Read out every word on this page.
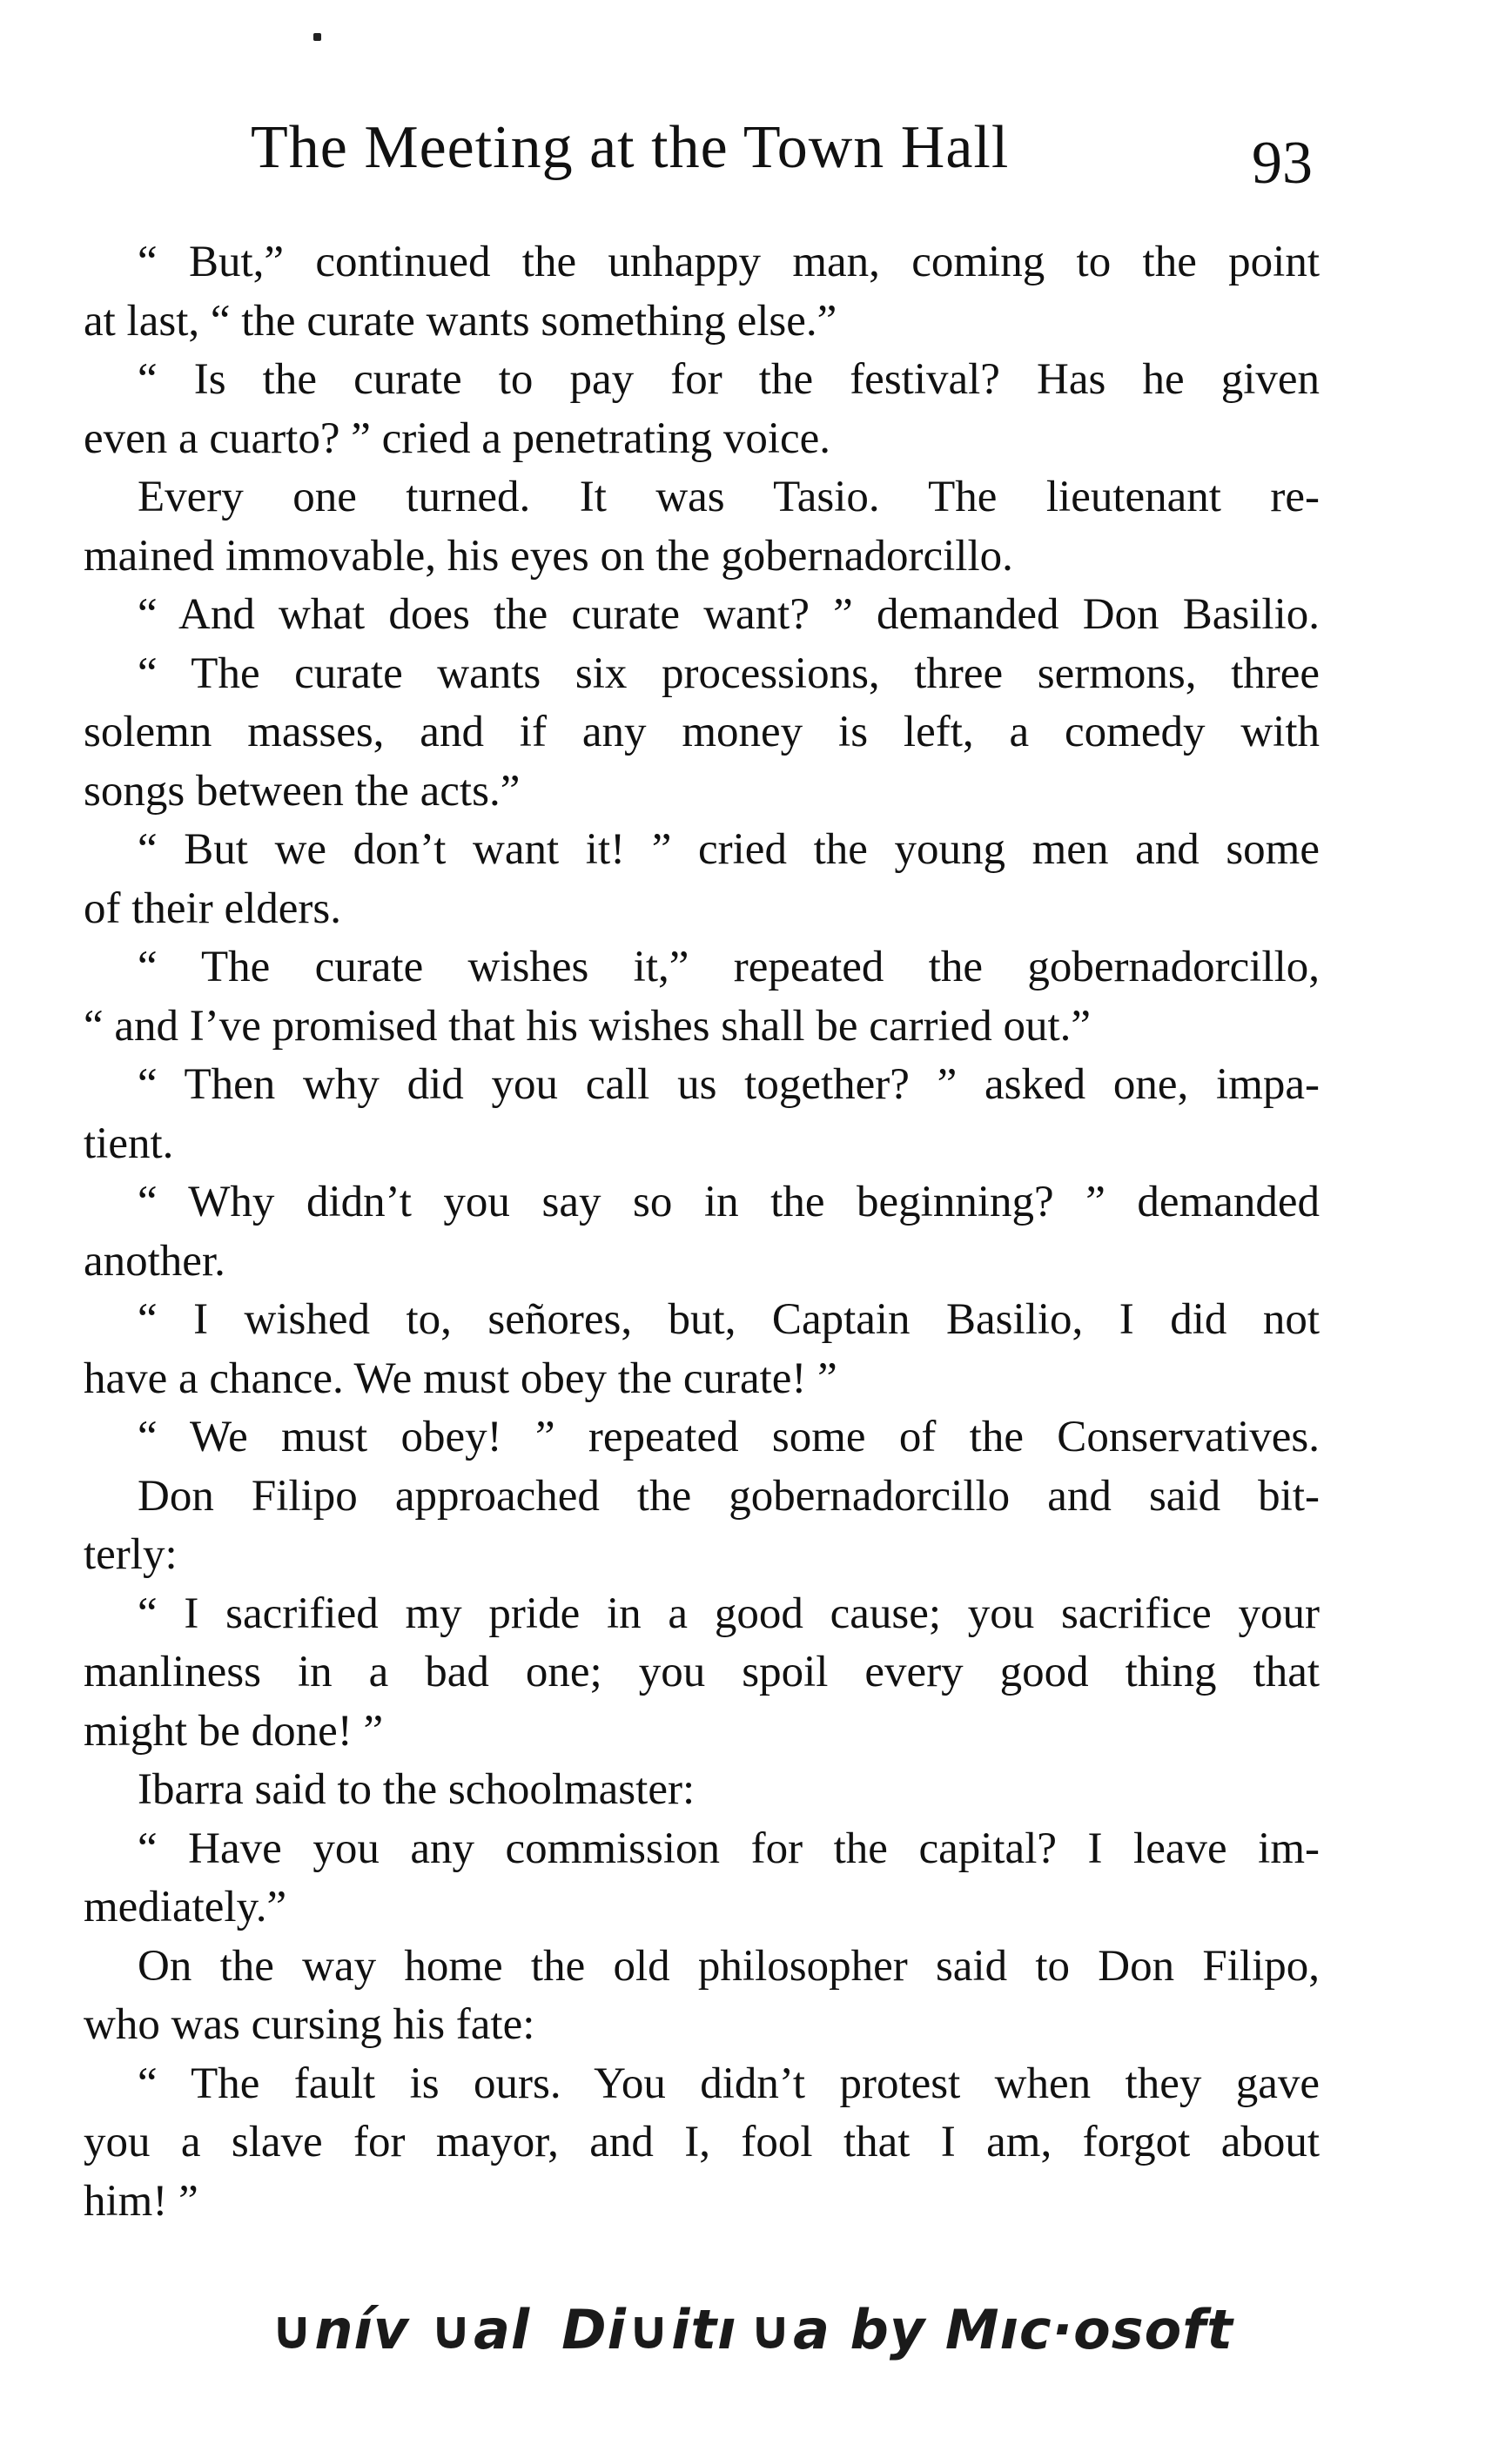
The Meeting at the Town Hall	93
“ But,” continued the unhappy man, coming to the point
at last, “ the curate wants something else.”
“ Is the curate to pay for the festival? Has he given
even a cuarto? ” cried a penetrating voice.
Every one turned. It was Tasio. The lieutenant re-
mained immovable, his eyes on the gobernadorcillo.
“ And what does the curate want? ” demanded Don Basilio.
“ The curate wants six processions, three sermons, three
solemn masses, and if any money is left, a comedy with
songs between the acts.”
“ But we don’t want it! ” cried the young men and some
of their elders.
“ The curate wishes it,” repeated the gobernadorcillo,
“ and I’ve promised that his wishes shall be carried out.”
“ Then why did you call us together? ” asked one, impa-
tient.
“ Why didn’t you say so in the beginning? ” demanded
another.
“ I wished to, señores, but, Captain Basilio, I did not
have a chance. We must obey the curate! ”
“ We must obey! ” repeated some of the Conservatives.
Don Filipo approached the gobernadorcillo and said bit-
terly:
“ I sacrified my pride in a good cause; you sacrifice your
manliness in a bad one; you spoil every good thing that
might be done! ”
Ibarra said to the schoolmaster:
“ Have you any commission for the capital? I leave im-
mediately.”
On the way home the old philosopher said to Don Filipo,
who was cursing his fate:
“ The fault is ours. You didn’t protest when they gave
you a slave for mayor, and I, fool that I am, forgot about
him! ”
∪nív ∪al  Di∪itı ∪a by Mıc·osoft
